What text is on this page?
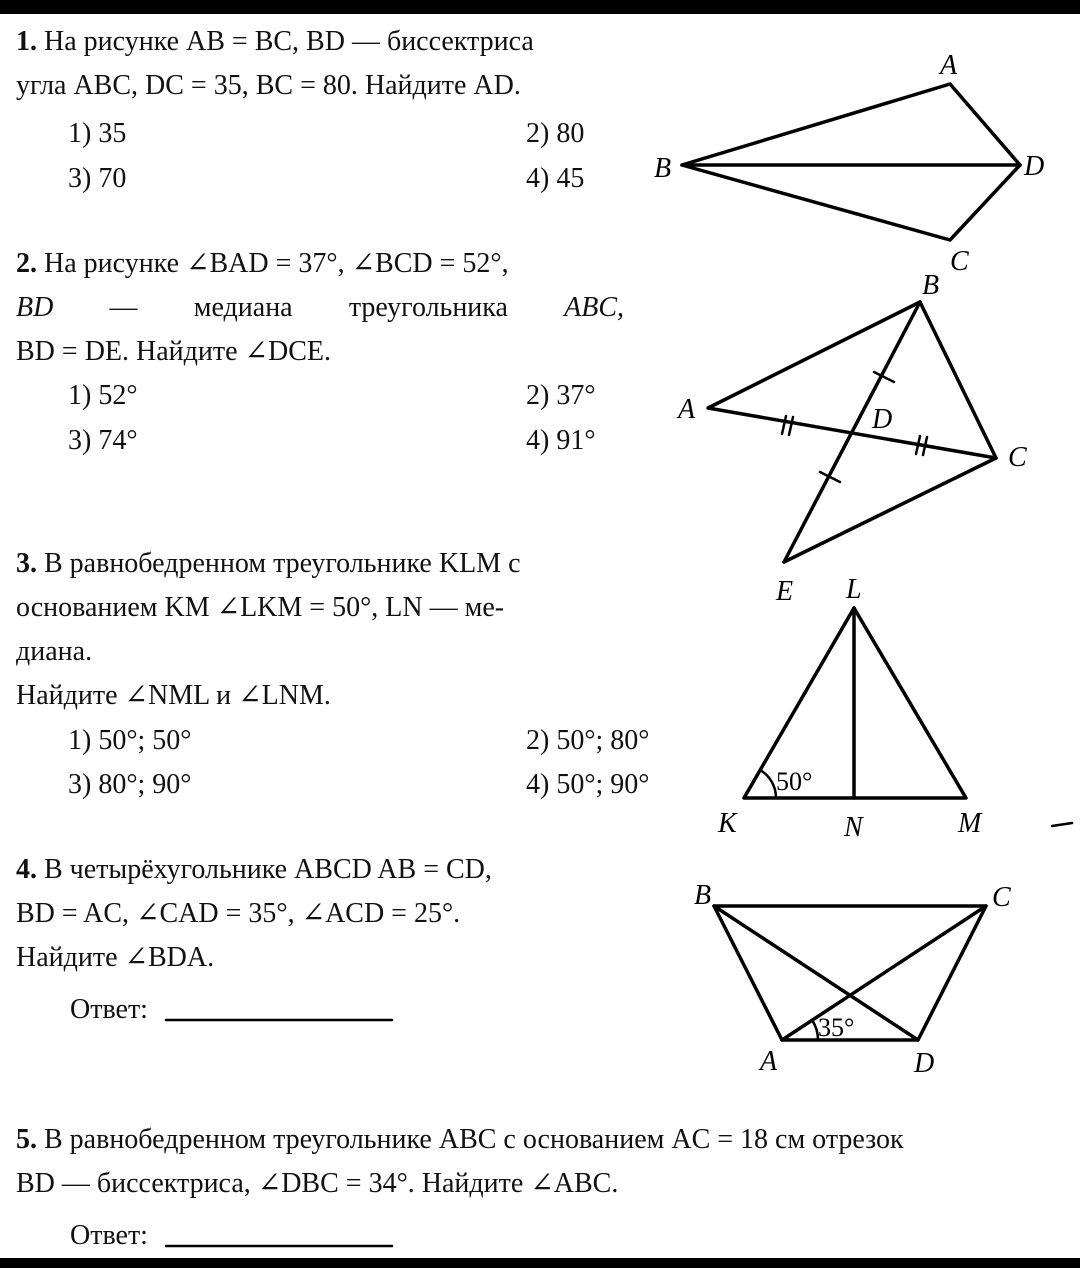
1. На рисунке AB = BC, BD — биссектриса
угла ABC, DC = 35, BC = 80. Найдите AD.
1) 35	2) 80
3) 70	4) 45
A
B
C
D
2. На рисунке ∠BAD = 37°, ∠BCD = 52°,
BD — медиана треугольника ABC,
BD = DE. Найдите ∠DCE.
1) 52°	2) 37°
3) 74°	4) 91°
A
B
C
D
E
3. В равнобедренном треугольнике KLM с
основанием KM ∠LKM = 50°, LN — ме-
диана.
Найдите ∠NML и ∠LNM.
1) 50°; 50°	2) 50°; 80°
3) 80°; 90°	4) 50°; 90°	50°
K
L
M
N
4. В четырёхугольнике ABCD AB = CD,
BD = AC, ∠CAD = 35°, ∠ACD = 25°.
Найдите ∠BDA.
Ответ:
35°
A
B	C
D
5. В равнобедренном треугольнике ABC с основанием AC = 18 см отрезок
BD — биссектриса, ∠DBC = 34°. Найдите ∠ABC.
Ответ:
